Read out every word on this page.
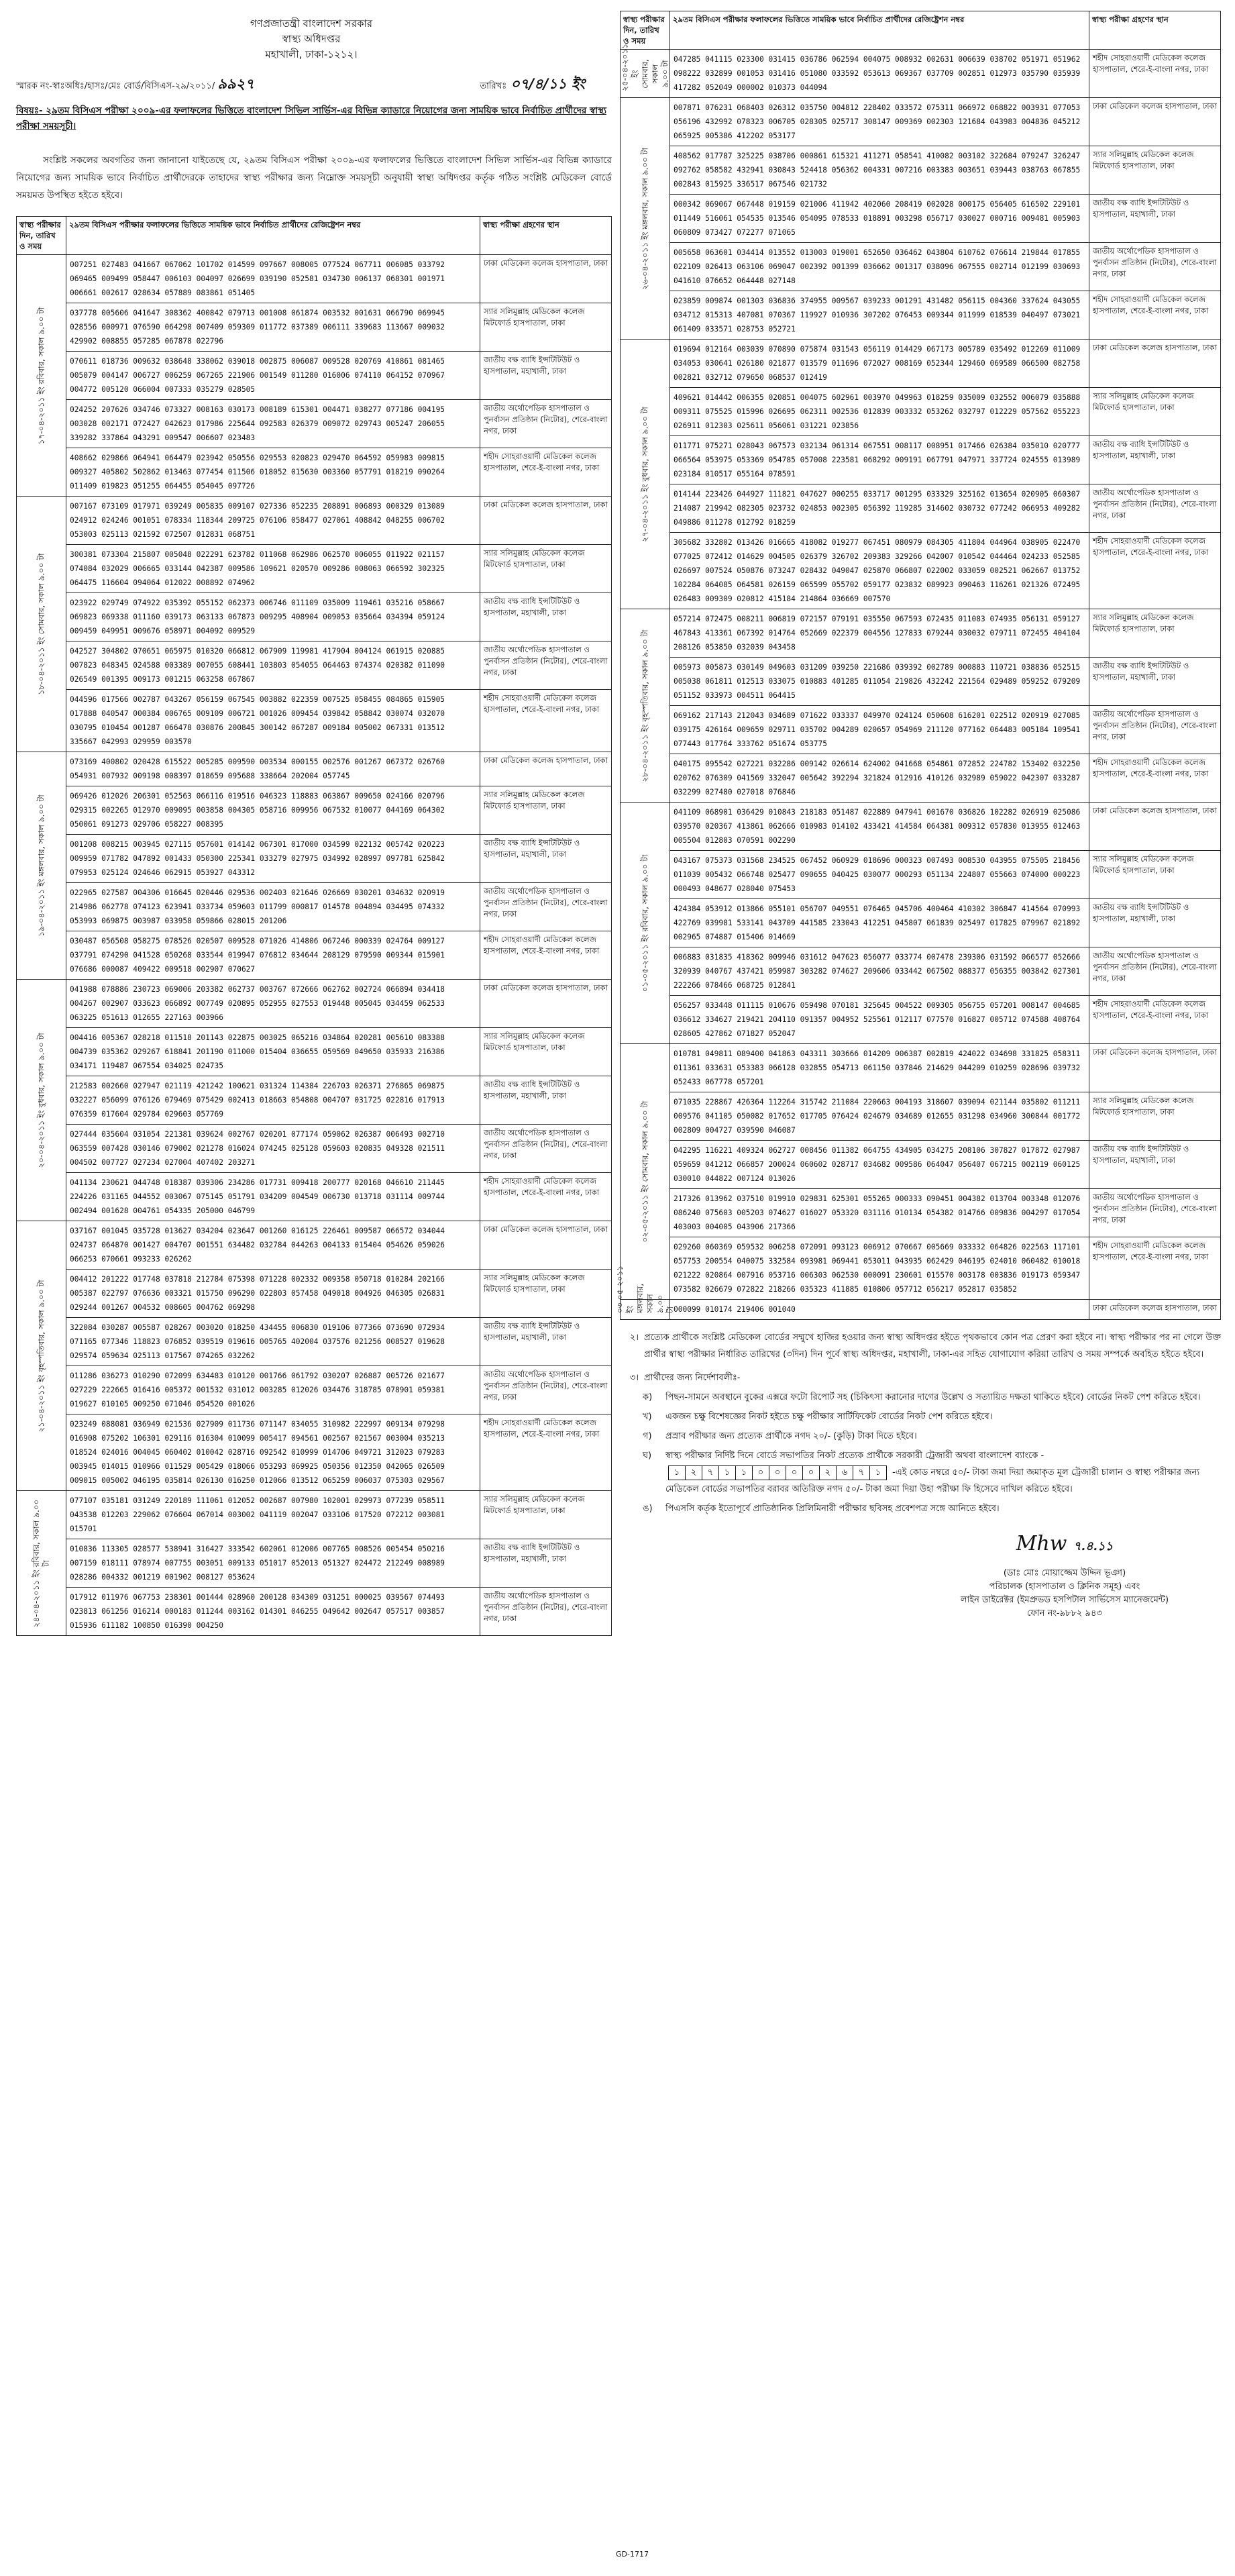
গণপ্রজাতন্ত্রী বাংলাদেশ সরকার
স্বাস্থ্য অধিদপ্তর
মহাখালী, ঢাকা-১২১২।
স্মারক নং-স্বাঃঅধিঃ/হাসঃ/মেঃ বোর্ড/বিসিএস-২৯/২০১১/ ৯৯২৭	তারিখঃ ০৭/৪/১১ ইং
বিষয়ঃ- ২৯তম বিসিএস পরীক্ষা ২০০৯-এর ফলাফলের ভিত্তিতে বাংলাদেশ সিভিল সার্ভিস-এর বিভিন্ন ক্যাডারে নিয়োগের জন্য সাময়িক ভাবে নির্বাচিত প্রার্থীদের স্বাস্থ্য পরীক্ষা সময়সূচী।
সংশ্লিষ্ট সকলের অবগতির জন্য জানানো যাইতেছে যে, ২৯তম বিসিএস পরীক্ষা ২০০৯-এর ফলাফলের ভিত্তিতে বাংলাদেশ সিভিল সার্ভিস-এর বিভিন্ন ক্যাডারে নিয়োগের জন্য সাময়িক ভাবে নির্বাচিত প্রার্থীদেরকে তাহাদের স্বাস্থ্য পরীক্ষার জন্য নিম্নোক্ত সময়সূচী অনুযায়ী স্বাস্থ্য অধিদপ্তর কর্তৃক গঠিত সংশ্লিষ্ট মেডিকেল বোর্ডে সময়মত উপস্থিত হইতে হইবে।
স্বাস্থ্য পরীক্ষার দিন, তারিখ ও সময়	২৯তম বিসিএস পরীক্ষার ফলাফলের ভিত্তিতে সাময়িক ভাবে নির্বাচিত প্রার্থীদের রেজিষ্ট্রেশন নম্বর	স্বাস্থ্য পরীক্ষা গ্রহণের স্থান

১৭-০৪-২০১১ ইং রবিবার, সকাল ৯.০০ টা	007251 027483 041667 067062 101702 014599 097667 008005 077524 067711 006085 033792 069465 009499 058447 006103 004097 026699 039190 052581 034730 006137 068301 001971 006661 002617 028634 057889 083861 051405	ঢাকা মেডিকেল কলেজ হাসপাতাল, ঢাকা
	037778 005606 041647 308362 400842 079713 001008 061874 003532 001631 066790 069945 028556 000971 076590 064298 007409 059309 011772 037389 006111 339683 113667 009032 429902 008855 057285 067878 022796	স্যার সলিমুল্লাহ মেডিকেল কলেজ মিটফোর্ড হাসপাতাল, ঢাকা
	070611 018736 009632 038648 338062 039018 002875 006087 009528 020769 410861 081465 005079 004147 006727 006259 067265 221906 001549 011280 016006 074110 064152 070967 004772 005120 066004 007333 035279 028505	জাতীয় বক্ষ ব্যাধি ইন্সটিটিউট ও হাসপাতাল, মহাখালী, ঢাকা
	024252 207626 034746 073327 008163 030173 008189 615301 004471 038277 077186 004195 003028 002171 072427 042623 017986 225644 092583 026379 009072 029743 005247 206055 339282 337864 043291 009547 006607 023483	জাতীয় অর্থোপেডিক হাসপাতাল ও পুনর্বাসন প্রতিষ্ঠান (নিটোর), শেরে-বাংলা নগর, ঢাকা
	408662 029866 064941 064479 023942 050556 029553 020823 029470 064592 059983 009815 009327 405802 502862 013463 077454 011506 018052 015630 003360 057791 018219 090264 011409 019823 051255 064455 054045 097726	শহীদ সোহরাওয়ার্দী মেডিকেল কলেজ হাসপাতাল, শেরে-ই-বাংলা নগর, ঢাকা

১৮-০৪-২০১১ ইং সোমবার, সকাল ৯.০০ টা	007167 073109 017971 039249 005835 009107 027336 052235 208891 006893 000329 013089 024912 024246 001051 078334 118344 209725 076106 058477 027061 408842 048255 006702 053003 025113 021592 072507 012831 068751	ঢাকা মেডিকেল কলেজ হাসপাতাল, ঢাকা
	300381 073304 215807 005048 022291 623782 011068 062986 062570 006055 011922 021157 074084 032029 006665 033144 042387 009586 109621 020570 009286 008063 066592 302325 064475 116604 094064 012022 008892 074962	স্যার সলিমুল্লাহ মেডিকেল কলেজ মিটফোর্ড হাসপাতাল, ঢাকা
	023922 029749 074922 035392 055152 062373 006746 011109 035009 119461 035216 058667 069823 069338 011160 039173 063133 067873 009295 408904 009053 035664 034394 059124 009459 049951 009676 058971 004092 009529	জাতীয় বক্ষ ব্যাধি ইন্সটিটিউট ও হাসপাতাল, মহাখালী, ঢাকা
	042527 304802 070651 065975 010320 066812 067909 119981 417904 004124 061915 020885 007823 048345 024588 003389 007055 608441 103803 054055 064463 074374 020382 011090 026549 001395 009173 001215 063258 067867	জাতীয় অর্থোপেডিক হাসপাতাল ও পুনর্বাসন প্রতিষ্ঠান (নিটোর), শেরে-বাংলা নগর, ঢাকা
	044596 017566 002787 043267 056159 067545 003882 022359 007525 058455 084865 015905 017888 040547 000384 006765 009109 006721 001026 009454 039842 058842 030074 032070 030795 010454 001287 066478 030876 200845 300142 067287 009184 005002 067331 013512 335667 042993 029959 003570	শহীদ সোহরাওয়ার্দী মেডিকেল কলেজ হাসপাতাল, শেরে-ই-বাংলা নগর, ঢাকা

১৯-০৪-২০১১ ইং মঙ্গলবার, সকাল ৯.০০ টা	073169 400802 020428 615522 005285 009590 003534 000155 002576 001267 067372 026760 054931 007932 009198 008397 018659 095688 338664 202004 057745	ঢাকা মেডিকেল কলেজ হাসপাতাল, ঢাকা
	069426 012026 206301 052563 066116 019516 046323 118883 063867 009650 024166 020796 029315 002265 012970 009095 003858 004305 058716 009956 067532 010077 044169 064302 050061 091273 029706 058227 008395	স্যার সলিমুল্লাহ মেডিকেল কলেজ মিটফোর্ড হাসপাতাল, ঢাকা
	001208 008215 003945 027115 057601 014142 067301 017000 034599 022132 005742 020223 009959 071782 047892 001433 050300 225341 033279 027975 034992 028997 097781 625842 079953 025124 024646 062915 053927 043312	জাতীয় বক্ষ ব্যাধি ইন্সটিটিউট ও হাসপাতাল, মহাখালী, ঢাকা
	022965 027587 004306 016645 020446 029536 002403 021646 026669 030201 034632 020919 214986 062778 074123 623941 033734 059603 011799 000817 014578 004894 034495 074332 053993 069875 003987 033958 059866 028015 201206	জাতীয় অর্থোপেডিক হাসপাতাল ও পুনর্বাসন প্রতিষ্ঠান (নিটোর), শেরে-বাংলা নগর, ঢাকা
	030487 056508 058275 078526 020507 009528 071026 414806 067246 000339 024764 009127 037791 074290 041528 050268 033544 019947 076812 034644 208129 079590 009344 015901 076686 000087 409422 009518 002907 070627	শহীদ সোহরাওয়ার্দী মেডিকেল কলেজ হাসপাতাল, শেরে-ই-বাংলা নগর, ঢাকা

২০-০৪-২০১১ ইং বুধবার, সকাল ৯.০০ টা	041988 078886 230723 069006 203382 062737 003767 072666 062762 002724 066894 034418 004267 002907 033623 066892 007749 020895 052955 027553 019448 005045 034459 062533 063225 051613 012655 227163 003966	ঢাকা মেডিকেল কলেজ হাসপাতাল, ঢাকা
	004416 005367 028218 011518 201143 022875 003025 065216 034864 020281 005610 083388 004739 035362 029267 618841 201190 011000 015404 036655 059569 049650 035933 216386 034171 119487 067554 034025 024735	স্যার সলিমুল্লাহ মেডিকেল কলেজ মিটফোর্ড হাসপাতাল, ঢাকা
	212583 002660 027947 021119 421242 100621 031324 114384 226703 026371 276865 069875 032227 056099 076126 079469 075429 002413 018663 054808 004707 031725 022816 017913 076359 017604 029784 029603 057769	জাতীয় বক্ষ ব্যাধি ইন্সটিটিউট ও হাসপাতাল, মহাখালী, ঢাকা
	027444 035604 031054 221381 039624 002767 020201 077174 059062 026387 006493 002710 063559 007428 030146 079002 021278 016024 074245 025128 059603 020835 049328 021511 004502 007727 027234 027004 407402 203271	জাতীয় অর্থোপেডিক হাসপাতাল ও পুনর্বাসন প্রতিষ্ঠান (নিটোর), শেরে-বাংলা নগর, ঢাকা
	041134 230621 044748 018387 039306 234286 017731 009418 200777 020168 046610 211445 224226 031165 044552 003067 075145 051791 034209 004549 006730 013718 031114 009744 002494 001628 004761 054335 205000 046799	শহীদ সোহরাওয়ার্দী মেডিকেল কলেজ হাসপাতাল, শেরে-ই-বাংলা নগর, ঢাকা

২১-০৪-২০১১ ইং বৃহস্পতিবার, সকাল ৯.০০ টা	037167 001045 035728 013627 034204 023647 001260 016125 226461 009587 066572 034044 024737 064870 001427 004707 001551 634482 032784 044263 004133 015404 054626 059026 066253 070661 093233 026262	ঢাকা মেডিকেল কলেজ হাসপাতাল, ঢাকা
	004412 201222 017748 037818 212784 075398 071228 002332 009358 050718 010284 202166 005387 022797 076636 003321 015750 096290 022803 057458 049018 004926 046305 026831 029244 001267 004532 008605 004762 069298	স্যার সলিমুল্লাহ মেডিকেল কলেজ মিটফোর্ড হাসপাতাল, ঢাকা
	322084 030287 005587 028267 003020 018250 434455 006830 019106 077366 073690 072934 071165 077346 118823 076852 039519 019616 005765 402004 037576 021256 008527 019628 029574 059634 025113 017567 074265 032262	জাতীয় বক্ষ ব্যাধি ইন্সটিটিউট ও হাসপাতাল, মহাখালী, ঢাকা
	011286 036273 010290 072099 634483 010120 001766 061792 030207 026887 005726 021677 027229 222665 016416 005372 001532 031012 003285 012026 034476 318785 078901 059381 019627 010105 009250 071046 054520 001026	জাতীয় অর্থোপেডিক হাসপাতাল ও পুনর্বাসন প্রতিষ্ঠান (নিটোর), শেরে-বাংলা নগর, ঢাকা
	023249 088081 036949 021536 027909 011736 071147 034055 310982 222997 009134 079298 016908 075202 106301 029116 016304 010099 005417 094561 002567 021567 003004 035213 018524 024016 004045 060402 010042 028716 092542 010999 014706 049721 312023 079283 003945 014015 010966 011529 005429 018066 053293 069925 050356 012350 042065 026509 009015 005002 046195 035814 026130 016250 012066 013512 065259 006037 075303 029567	শহীদ সোহরাওয়ার্দী মেডিকেল কলেজ হাসপাতাল, শেরে-ই-বাংলা নগর, ঢাকা

২৪-০৪-২০১১ ইং রবিবার, সকাল ৯.০০ টা	077107 035181 031249 220189 111061 012052 002687 007980 102001 029973 077239 058511 043538 012203 229062 076604 067014 003002 041119 002047 033106 017520 072212 003081 015701	স্যার সলিমুল্লাহ মেডিকেল কলেজ মিটফোর্ড হাসপাতাল, ঢাকা
	010836 113305 028577 538941 316427 333542 602061 012006 007765 008526 005454 050216 007159 018111 078974 007755 003051 009133 051017 052013 051327 024472 212249 008989 028286 004332 001219 001902 008127 053624	জাতীয় বক্ষ ব্যাধি ইন্সটিটিউট ও হাসপাতাল, মহাখালী, ঢাকা
	017912 011976 067753 238301 001444 028960 200128 034309 031251 000025 039567 074493 023813 061256 016214 000183 011244 003162 014301 046255 049642 002647 057517 003857 015936 611182 100850 016390 004250	জাতীয় অর্থোপেডিক হাসপাতাল ও পুনর্বাসন প্রতিষ্ঠান (নিটোর), শেরে-বাংলা নগর, ঢাকা
স্বাস্থ্য পরীক্ষার দিন, তারিখ ও সময়	২৯তম বিসিএস পরীক্ষার ফলাফলের ভিত্তিতে সাময়িক ভাবে নির্বাচিত প্রার্থীদের রেজিষ্ট্রেশন নম্বর	স্বাস্থ্য পরীক্ষা গ্রহণের স্থান

২৫-০৪-২০১১ ইং সোমবার, সকাল ৯.০০ টা	047285 041115 023300 031415 036786 062594 004075 008932 002631 006639 038702 051971 051962 098222 032899 001053 031416 051080 033592 053613 069367 037709 002851 012973 035790 035939 417282 052049 000002 010373 044094	শহীদ সোহরাওয়ার্দী মেডিকেল কলেজ হাসপাতাল, শেরে-ই-বাংলা নগর, ঢাকা

২৬-০৪-২০১১ ইং মঙ্গলবার, সকাল ৯.০০ টা	007871 076231 068403 026312 035750 004812 228402 033572 075311 066972 068822 003931 077053 056196 432992 078323 006705 028305 025717 308147 009369 002303 121684 043983 004836 045212 065925 005386 412202 053177	ঢাকা মেডিকেল কলেজ হাসপাতাল, ঢাকা
	408562 017787 325225 038706 000861 615321 411271 058541 410082 003102 322684 079247 326247 092762 058582 432941 030843 524418 056362 004331 007216 003383 003651 039443 038763 067855 002843 015925 336517 067546 021732	স্যার সলিমুল্লাহ মেডিকেল কলেজ মিটফোর্ড হাসপাতাল, ঢাকা
	000342 069067 067448 019159 021006 411942 402060 208419 002028 000175 056405 616502 229101 011449 516061 054535 013546 054095 078533 018891 003298 056717 030027 000716 009481 005903 060809 073427 072277 071065	জাতীয় বক্ষ ব্যাধি ইন্সটিটিউট ও হাসপাতাল, মহাখালী, ঢাকা
	005658 063601 034414 013552 013003 019001 652650 036462 043804 610762 076614 219844 017855 022109 026413 063106 069047 002392 001399 036662 001317 038096 067555 002714 012199 030693 041610 076652 064448 027148	জাতীয় অর্থোপেডিক হাসপাতাল ও পুনর্বাসন প্রতিষ্ঠান (নিটোর), শেরে-বাংলা নগর, ঢাকা
	023859 009874 001303 036836 374955 009567 039233 001291 431482 056115 004360 337624 043055 034712 015313 407081 070367 119927 010936 307202 076453 009344 011999 018539 040497 073021 061409 033571 028753 052721	শহীদ সোহরাওয়ার্দী মেডিকেল কলেজ হাসপাতাল, শেরে-ই-বাংলা নগর, ঢাকা

২৭-০৪-২০১১ ইং বুধবার, সকাল ৯.০০ টা	019694 012164 003039 070890 075874 031543 056119 014429 067173 005789 035492 012269 011009 034053 030641 026180 021877 013579 011696 072027 008169 052344 129460 069589 066500 082758 002821 032712 079650 068537 012419	ঢাকা মেডিকেল কলেজ হাসপাতাল, ঢাকা
	409621 014442 006355 020851 004075 602961 003970 049963 018259 035009 032552 006079 035888 009311 075525 015996 026695 062311 002536 012839 003332 053262 032797 012229 057562 055223 026911 012303 025611 056061 031221 023856	স্যার সলিমুল্লাহ মেডিকেল কলেজ মিটফোর্ড হাসপাতাল, ঢাকা
	011771 075271 028043 067573 032134 061314 067551 008117 008951 017466 026384 035010 020777 066564 053975 053369 054785 057008 223581 068292 009191 067791 047971 337724 024555 013989 023184 010517 055164 078591	জাতীয় বক্ষ ব্যাধি ইন্সটিটিউট ও হাসপাতাল, মহাখালী, ঢাকা
	014144 223426 044927 111821 047627 000255 033717 001295 033329 325162 013654 020905 060307 214087 219942 082305 023732 024853 002305 056392 119285 314602 030732 077242 066953 409282 049886 011278 012792 018259	জাতীয় অর্থোপেডিক হাসপাতাল ও পুনর্বাসন প্রতিষ্ঠান (নিটোর), শেরে-বাংলা নগর, ঢাকা
	305682 332802 013426 016665 418082 019277 067451 080979 084305 411804 044964 038905 022470 077025 072412 014629 004505 026379 326702 209383 329266 042007 010542 044464 024233 052585 026697 007524 050876 073247 028432 049047 025870 066807 022002 033059 002521 062667 013752 102284 064085 064581 026159 065599 055702 059177 023832 089923 090463 116261 021326 072495 026483 009309 020812 415184 214864 036669 007570	শহীদ সোহরাওয়ার্দী মেডিকেল কলেজ হাসপাতাল, শেরে-ই-বাংলা নগর, ঢাকা

২৮-০৪-২০১১ ইং বৃহস্পতিবার, সকাল ৯.০০ টা	057214 072475 008211 006819 072157 079191 035550 067593 072435 011083 074935 056131 059127 467843 413361 067392 014764 052669 022379 004556 127833 079244 030032 079711 072455 404104 208126 053850 032039 043458	স্যার সলিমুল্লাহ মেডিকেল কলেজ মিটফোর্ড হাসপাতাল, ঢাকা
	005973 005873 030149 049603 031209 039250 221686 039392 002789 000883 110721 038836 052515 005038 061811 012513 033075 010883 401285 011054 219826 432242 221564 029489 059252 079209 051152 033973 004511 064415	জাতীয় বক্ষ ব্যাধি ইন্সটিটিউট ও হাসপাতাল, মহাখালী, ঢাকা
	069162 217143 212043 034689 071622 033337 049970 024124 050608 616201 022512 020919 027085 039175 426164 009659 029711 035702 004289 020657 054969 211120 077162 064483 005184 109541 077443 017764 333762 051674 053775	জাতীয় অর্থোপেডিক হাসপাতাল ও পুনর্বাসন প্রতিষ্ঠান (নিটোর), শেরে-বাংলা নগর, ঢাকা
	040175 095542 027221 032286 009142 026614 624002 041668 054861 072852 224782 153402 032250 020762 076309 041569 332047 005642 392294 321824 012916 410126 032989 059022 042307 033287 032299 027480 027018 076846	শহীদ সোহরাওয়ার্দী মেডিকেল কলেজ হাসপাতাল, শেরে-ই-বাংলা নগর, ঢাকা

০১-০৫-২০১১ ইং রবিবার, সকাল ৯.০০ টা	041109 068901 036429 010843 218183 051487 022889 047941 001670 036826 102282 026919 025086 039570 020367 413861 062666 010983 014102 433421 414584 064381 009312 057830 013955 012463 005504 012803 070591 002290	ঢাকা মেডিকেল কলেজ হাসপাতাল, ঢাকা
	043167 075373 031568 234525 067452 060929 018696 000323 007493 008530 043955 075505 218456 011039 005432 066748 025477 090655 040425 030077 000293 051134 224807 055663 074000 000223 000493 048677 028040 075453	স্যার সলিমুল্লাহ মেডিকেল কলেজ মিটফোর্ড হাসপাতাল, ঢাকা
	424384 053912 013866 055101 056707 049551 076465 045706 400464 410302 306847 414564 070993 422769 039981 533141 043709 441585 233043 412251 045807 061839 025497 017825 079967 021892 002965 074887 015406 014669	জাতীয় বক্ষ ব্যাধি ইন্সটিটিউট ও হাসপাতাল, মহাখালী, ঢাকা
	006883 031835 418362 009946 031612 047623 056077 033774 007478 239306 031592 066577 052666 320939 040767 437421 059987 303282 074627 209606 033442 067502 088377 056355 003842 027301 222266 078466 068725 012841	জাতীয় অর্থোপেডিক হাসপাতাল ও পুনর্বাসন প্রতিষ্ঠান (নিটোর), শেরে-বাংলা নগর, ঢাকা
	056257 033448 011115 010676 059498 070181 325645 004522 009305 056755 057201 008147 004685 036612 334627 219421 204110 091357 004952 525561 012117 077570 016827 005712 074588 408764 028605 427862 071827 052047	শহীদ সোহরাওয়ার্দী মেডিকেল কলেজ হাসপাতাল, শেরে-ই-বাংলা নগর, ঢাকা

০২-০৫-২০১১ ইং সোমবার, সকাল ৯.০০ টা	010781 049811 089400 041863 043311 303666 014209 006387 002819 424022 034698 331825 058311 011361 033631 053383 066128 032855 054713 061150 037846 214629 044209 010259 028696 039732 052433 067778 057201	ঢাকা মেডিকেল কলেজ হাসপাতাল, ঢাকা
	071035 228867 426364 112264 315742 211084 220663 004193 318607 039094 021144 035802 011211 009576 041105 050082 017652 017705 076424 024679 034689 012655 031298 034960 300844 001772 002809 004727 039590 046087	স্যার সলিমুল্লাহ মেডিকেল কলেজ মিটফোর্ড হাসপাতাল, ঢাকা
	042295 116221 409324 062727 008456 011382 064755 434905 034275 208106 307827 017872 027987 059659 041212 066857 200024 060602 028717 034682 009586 064047 056407 067215 002119 060125 030010 044822 007124 013026	জাতীয় বক্ষ ব্যাধি ইন্সটিটিউট ও হাসপাতাল, মহাখালী, ঢাকা
	217326 013962 037510 019910 029831 625301 055265 000333 090451 004382 013704 003348 012076 086240 075603 005203 074627 016027 053320 031116 010134 054382 014766 009836 004297 017054 403003 004005 043906 217366	জাতীয় অর্থোপেডিক হাসপাতাল ও পুনর্বাসন প্রতিষ্ঠান (নিটোর), শেরে-বাংলা নগর, ঢাকা
	029260 060369 059532 006258 072091 093123 006912 070667 005669 033332 064826 022563 117101 057753 200554 040075 332584 093981 069441 053011 043935 062429 046195 024010 060482 010018 021222 020864 007916 053716 006303 062530 000091 230601 015570 003178 003836 019173 059347 073582 026679 072822 218266 035323 411885 010806 057712 056217 052817 035852	শহীদ সোহরাওয়ার্দী মেডিকেল কলেজ হাসপাতাল, শেরে-ই-বাংলা নগর, ঢাকা

০৩-০৫-২০১১ ইং মঙ্গলবার, সকাল ৯.০০ টা	000099 010174 219406 001040	ঢাকা মেডিকেল কলেজ হাসপাতাল, ঢাকা
২। প্রত্যেক প্রার্থীকে সংশ্লিষ্ট মেডিকেল বোর্ডের সম্মুখে হাজির হওয়ার জন্য স্বাস্থ্য অধিদপ্তর হইতে পৃথকভাবে কোন পত্র প্রেরণ করা হইবে না। স্বাস্থ্য পরীক্ষার পর না গেলে উক্ত প্রার্থীর স্বাস্থ্য পরীক্ষার নির্ধারিত তারিখের (৩দিন) দিন পূর্বে স্বাস্থ্য অধিদপ্তর, মহাখালী, ঢাকা-এর সহিত যোগাযোগ করিয়া তারিখ ও সময় সম্পর্কে অবহিত হইতে হইবে।
৩। প্রার্থীদের জন্য নির্দেশাবলীঃ-
ক)	পিছন-সামনে অবস্থানে বুকের এক্সরে ফটো রিপোর্ট সহ (চিকিৎসা করানোর দাগের উল্লেখ ও সত্যায়িত দক্ষতা থাকিতে হইবে) বোর্ডের নিকট পেশ করিতে হইবে।
খ)	একজন চক্ষু বিশেষজ্ঞের নিকট হইতে চক্ষু পরীক্ষার সার্টিফিকেট বোর্ডের নিকট পেশ করিতে হইবে।
গ)	প্রস্রাব পরীক্ষার জন্য প্রত্যেক প্রার্থীকে নগদ ২০/- (কুড়ি) টাকা দিতে হইবে।
ঘ)	স্বাস্থ্য পরীক্ষার নির্দিষ্ট দিনে বোর্ডে সভাপতির নিকট প্রত্যেক প্রার্থীকে সরকারী ট্রেজারী অথবা বাংলাদেশ ব্যাংকে -
১	২	৭	১	১	০	০	০	০	২	৬	৭	১	-এই কোড নম্বরে ৫০/- টাকা জমা দিয়া জমাকৃত মূল ট্রেজারী চালান ও স্বাস্থ্য পরীক্ষার জন্য মেডিকেল বোর্ডের সভাপতির বরাবর অতিরিক্ত নগদ ৫০/- টাকা জমা দিয়া উহা পরীক্ষা ফি হিসেবে দাখিল করিতে হইবে।
ঙ)	পিএসসি কর্তৃক ইতোপূর্বে প্রাতিষ্ঠানিক প্রিলিমিনারী পরীক্ষার ছবিসহ প্রবেশপত্র সঙ্গে আনিতে হইবে।
Mhw ৭.৪.১১
(ডাঃ মোঃ মোয়াজ্জেম উদ্দিন ভূঞা)
পরিচালক (হাসপাতাল ও ক্লিনিক সমূহ) এবং
লাইন ডাইরেক্টর (ইমপ্রুভড হসপিটাল সার্ভিসেস ম্যানেজমেন্ট)
ফোন নং-৯৮৮২ ৯৪৩
GD-1717
